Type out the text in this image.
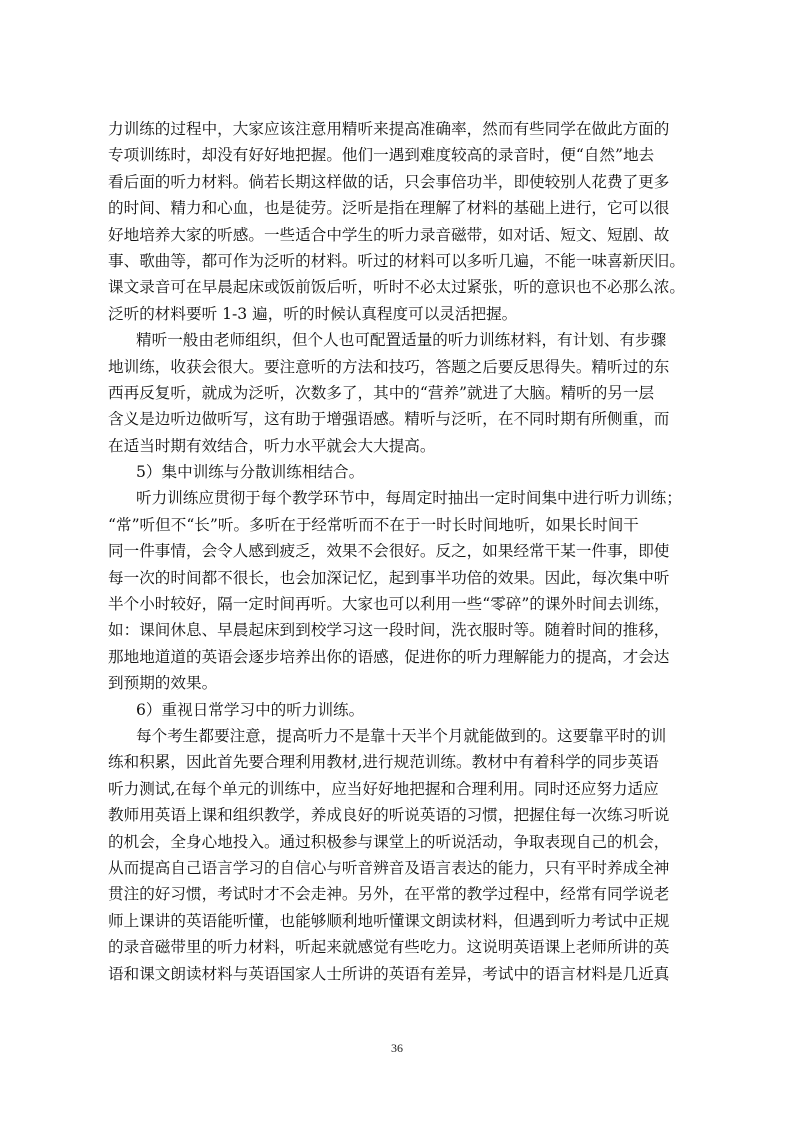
力训练的过程中，大家应该注意用精听来提高准确率，然而有些同学在做此方面的
专项训练时，却没有好好地把握。他们一遇到难度较高的录音时，便“自然”地去
看后面的听力材料。倘若长期这样做的话，只会事倍功半，即使较别人花费了更多
的时间、精力和心血，也是徒劳。泛听是指在理解了材料的基础上进行，它可以很
好地培养大家的听感。一些适合中学生的听力录音磁带，如对话、短文、短剧、故
事、歌曲等，都可作为泛听的材料。听过的材料可以多听几遍，不能一味喜新厌旧。
课文录音可在早晨起床或饭前饭后听，听时不必太过紧张，听的意识也不必那么浓。
泛听的材料要听 1-3 遍，听的时候认真程度可以灵活把握。
精听一般由老师组织，但个人也可配置适量的听力训练材料，有计划、有步骤
地训练，收获会很大。要注意听的方法和技巧，答题之后要反思得失。精听过的东
西再反复听，就成为泛听，次数多了，其中的“营养”就进了大脑。精听的另一层
含义是边听边做听写，这有助于增强语感。精听与泛听，在不同时期有所侧重，而
在适当时期有效结合，听力水平就会大大提高。
5）集中训练与分散训练相结合。
听力训练应贯彻于每个教学环节中，每周定时抽出一定时间集中进行听力训练；
“常”听但不“长”听。多听在于经常听而不在于一时长时间地听，如果长时间干
同一件事情，会令人感到疲乏，效果不会很好。反之，如果经常干某一件事，即使
每一次的时间都不很长，也会加深记忆，起到事半功倍的效果。因此，每次集中听
半个小时较好，隔一定时间再听。大家也可以利用一些“零碎”的课外时间去训练，
如：课间休息、早晨起床到到校学习这一段时间，洗衣服时等。随着时间的推移，
那地地道道的英语会逐步培养出你的语感，促进你的听力理解能力的提高，才会达
到预期的效果。
6）重视日常学习中的听力训练。
每个考生都要注意，提高听力不是靠十天半个月就能做到的。这要靠平时的训
练和积累，因此首先要合理利用教材,进行规范训练。教材中有着科学的同步英语
听力测试,在每个单元的训练中，应当好好地把握和合理利用。同时还应努力适应
教师用英语上课和组织教学，养成良好的听说英语的习惯，把握住每一次练习听说
的机会，全身心地投入。通过积极参与课堂上的听说活动，争取表现自己的机会，
从而提高自己语言学习的自信心与听音辨音及语言表达的能力，只有平时养成全神
贯注的好习惯，考试时才不会走神。另外，在平常的教学过程中，经常有同学说老
师上课讲的英语能听懂，也能够顺利地听懂课文朗读材料，但遇到听力考试中正规
的录音磁带里的听力材料，听起来就感觉有些吃力。这说明英语课上老师所讲的英
语和课文朗读材料与英语国家人士所讲的英语有差异，考试中的语言材料是几近真
36
